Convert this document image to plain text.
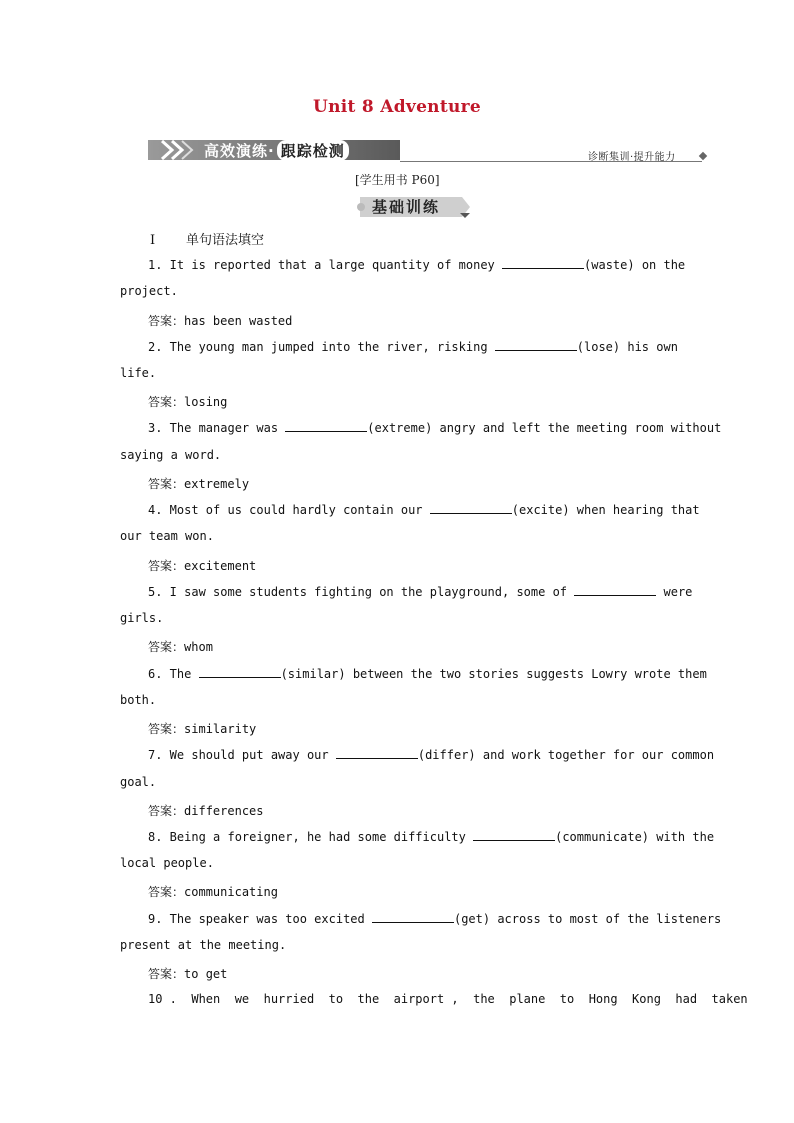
Unit 8 Adventure
高效演练· 跟踪检测	诊断集训·提升能力
[学生用书 P60]
基础训练
I 单句语法填空
1. It is reported that a large quantity of money	(waste) on the
project.
答案：has been wasted
2. The young man jumped into the river, risking	(lose) his own
life.
答案：losing
3. The manager was	(extreme) angry and left the meeting room without
saying a word.
答案：extremely
4. Most of us could hardly contain our	(excite) when hearing that
our team won.
答案：excitement
5. I saw some students fighting on the playground, some of	were
girls.
答案：whom
6. The	(similar) between the two stories suggests Lowry wrote them
both.
答案：similarity
7. We should put away our	(differ) and work together for our common
goal.
答案：differences
8. Being a foreigner, he had some difficulty	(communicate) with the
local people.
答案：communicating
9. The speaker was too excited	(get) across to most of the listeners
present at the meeting.
答案：to get
10 .  When  we  hurried  to  the  airport ,  the  plane  to  Hong  Kong  had  taken
